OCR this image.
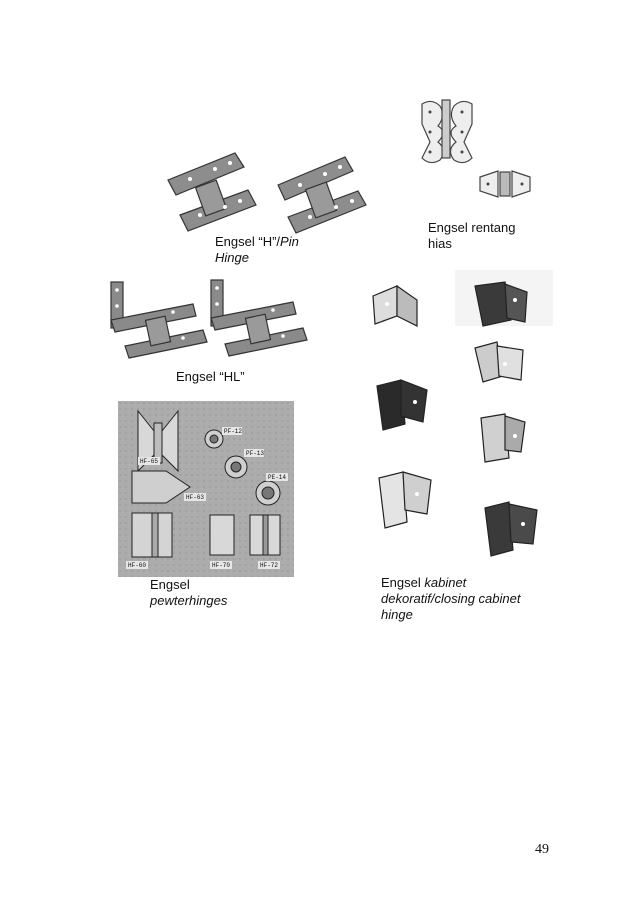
Engsel “H”/Pin Hinge
Engsel rentang
hias
Engsel “HL”
Engsel kabinet
dekoratif/closing cabinet
hinge
PF-12
HF-65
PF-13
PE-14
HF-63
HF-60	HF-70	HF-72
Engsel
pewterhinges
49
